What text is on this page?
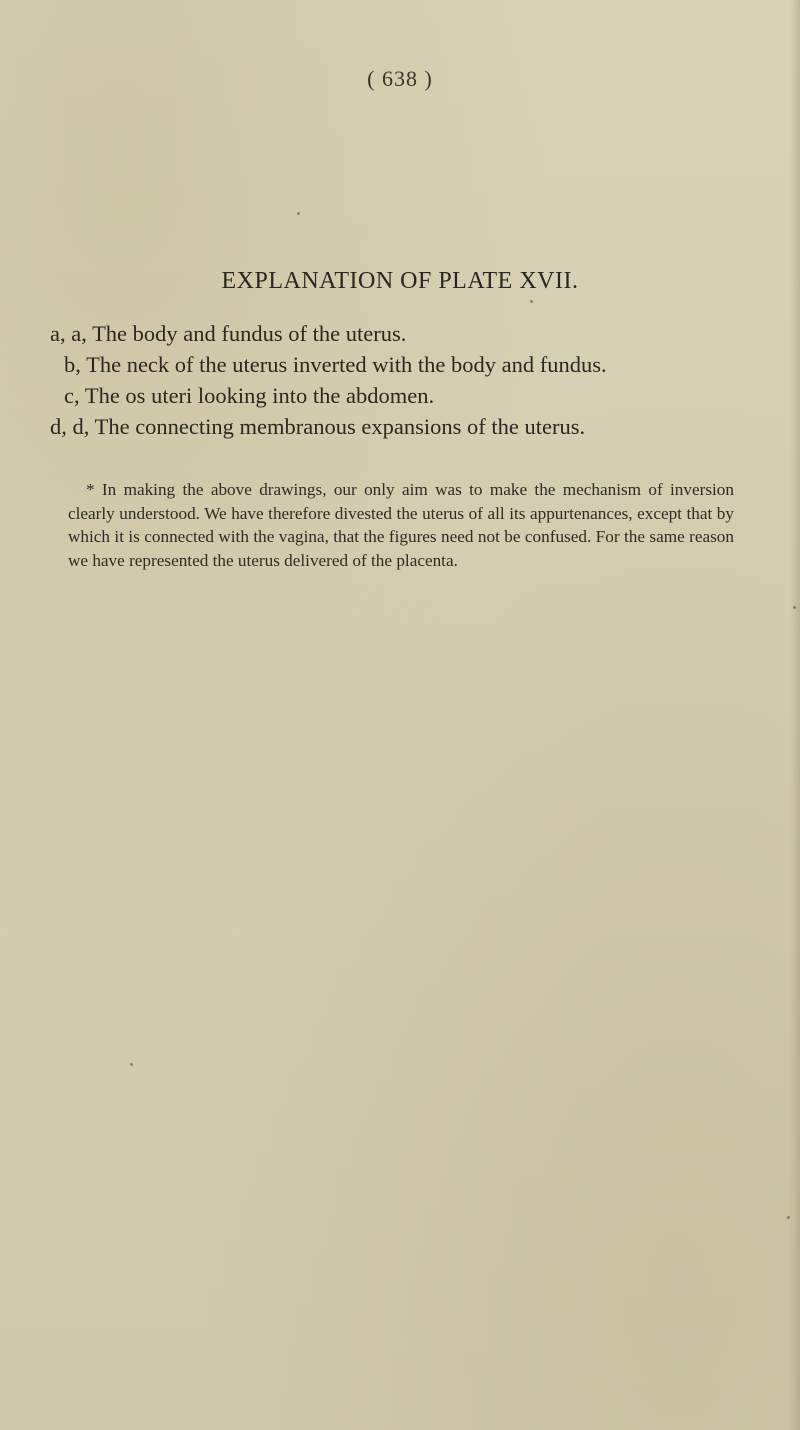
( 638 )
EXPLANATION OF PLATE XVII.
a, a, The body and fundus of the uterus.
b, The neck of the uterus inverted with the body and fundus.
c, The os uteri looking into the abdomen.
d, d, The connecting membranous expansions of the uterus.

* In making the above drawings, our only aim was to make the mechanism of inversion clearly understood. We have therefore divested the uterus of all its appurtenances, except that by which it is connected with the vagina, that the figures need not be confused. For the same reason we have represented the uterus delivered of the placenta.
